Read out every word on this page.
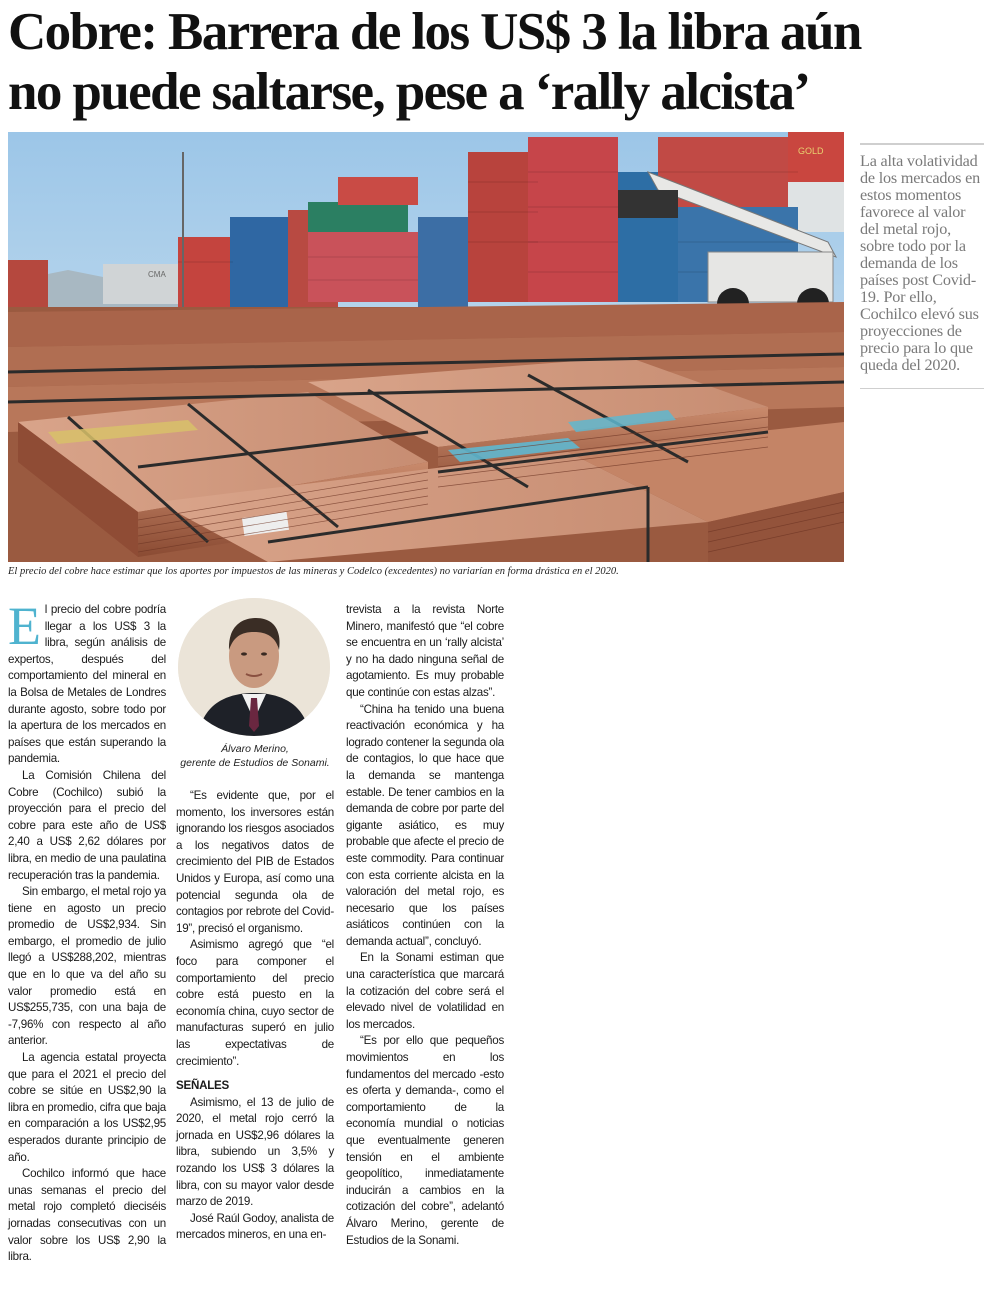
Cobre: Barrera de los US$ 3 la libra aún
no puede saltarse, pese a ‘rally alcista’
CMA
GOLD
El precio del cobre hace estimar que los aportes por impuestos de las mineras y Codelco (excedentes) no variarían en forma drástica en el 2020.
La alta volatividad de los mercados en estos momentos favorece al valor del metal rojo, sobre todo por la demanda de los países post Covid-19. Por ello, Cochilco elevó sus proyecciones de precio para lo que queda del 2020.

El precio del cobre podría llegar a los US$ 3 la libra, según análisis de expertos, después del comportamiento del mineral en la Bolsa de Metales de Londres durante agosto, sobre todo por la apertura de los mercados en países que están superando la pandemia.

La Comisión Chilena del Cobre (Cochilco) subió la proyección para el precio del cobre para este año de US$ 2,40 a US$ 2,62 dólares por libra, en medio de una paulatina recuperación tras la pandemia.

Sin embargo, el metal rojo ya tiene en agosto un precio promedio de US$2,934. Sin embargo, el promedio de julio llegó a US$288,202, mientras que en lo que va del año su valor promedio está en US$255,735, con una baja de -7,96% con respecto al año anterior.

La agencia estatal proyecta que para el 2021 el precio del cobre se sitúe en US$2,90 la libra en promedio, cifra que baja en comparación a los US$2,95 esperados durante principio de año.

Cochilco informó que hace unas semanas el precio del metal rojo completó dieciséis jornadas consecutivas con un valor sobre los US$ 2,90 la libra.

Álvaro Merino,
gerente de Estudios de Sonami.

“Es evidente que, por el momento, los inversores están ignorando los riesgos asociados a los negativos datos de crecimiento del PIB de Estados Unidos y Europa, así como una potencial segunda ola de contagios por rebrote del Covid-19”, precisó el organismo.

Asimismo agregó que “el foco para componer el comportamiento del precio cobre está puesto en la economía china, cuyo sector de manufacturas superó en julio las expectativas de crecimiento”.

SEÑALES

Asimismo, el 13 de julio de 2020, el metal rojo cerró la jornada en US$2,96 dólares la libra, subiendo un 3,5% y rozando los US$ 3 dólares la libra, con su mayor valor desde marzo de 2019.

José Raúl Godoy, analista de mercados mineros, en una en-

trevista a la revista Norte Minero, manifestó que “el cobre se encuentra en un ‘rally alcista’ y no ha dado ninguna señal de agotamiento. Es muy probable que continúe con estas alzas”.

“China ha tenido una buena reactivación económica y ha logrado contener la segunda ola de contagios, lo que hace que la demanda se mantenga estable. De tener cambios en la demanda de cobre por parte del gigante asiático, es muy probable que afecte el precio de este commodity. Para continuar con esta corriente alcista en la valoración del metal rojo, es necesario que los países asiáticos continúen con la demanda actual”, concluyó.

En la Sonami estiman que una característica que marcará la cotización del cobre será el elevado nivel de volatilidad en los mercados.

“Es por ello que pequeños movimientos en los fundamentos del mercado -esto es oferta y demanda-, como el comportamiento de la economía mundial o noticias que eventualmente generen tensión en el ambiente geopolítico, inmediatamente inducirán a cambios en la cotización del cobre”, adelantó Álvaro Merino, gerente de Estudios de la Sonami.
